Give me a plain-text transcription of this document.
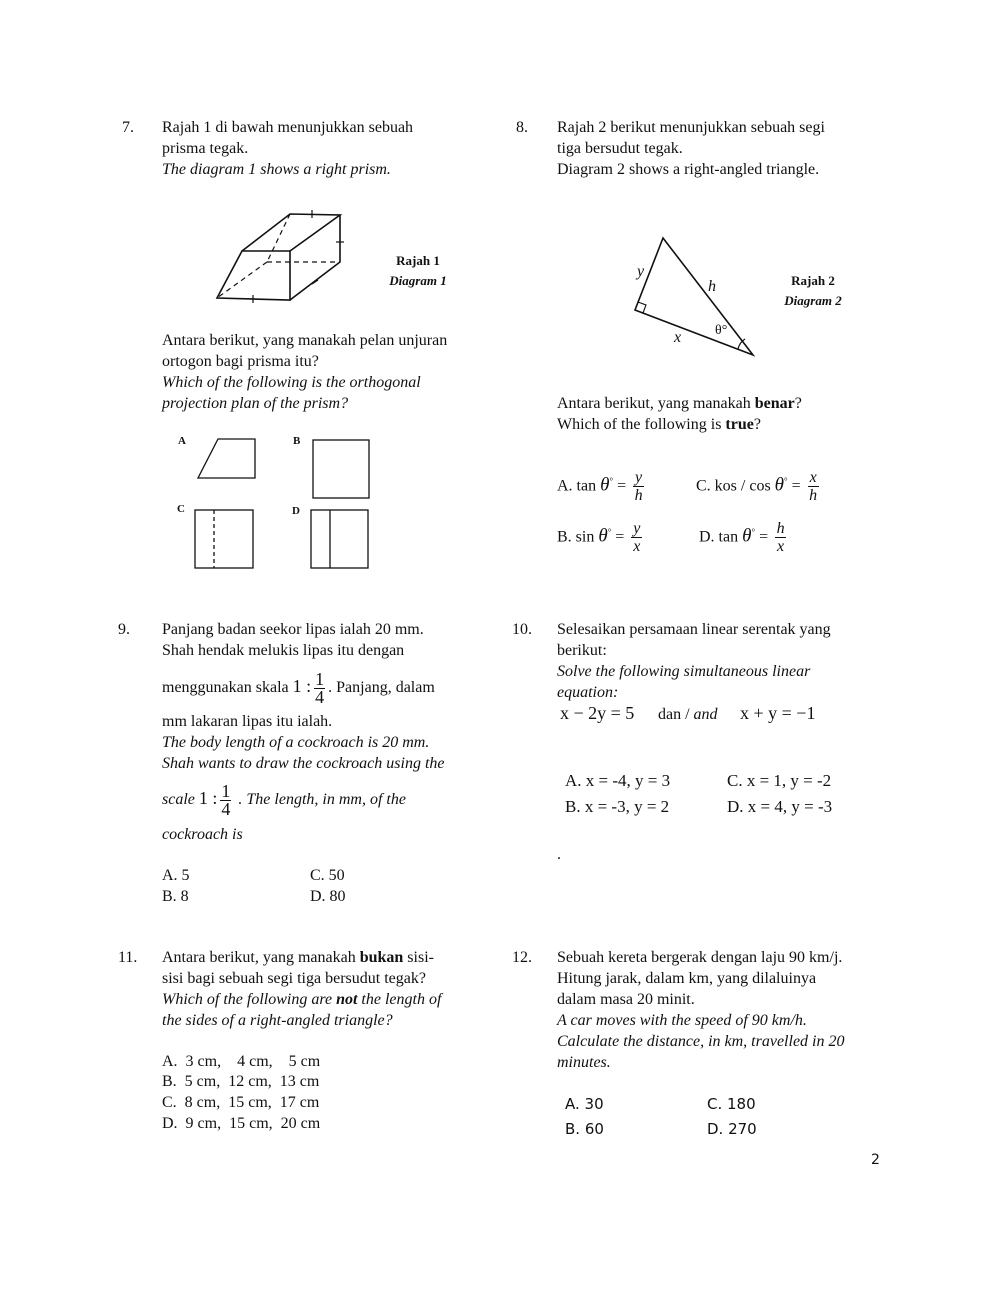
7. Rajah 1 di bawah menunjukkan sebuah
prisma tegak.
The diagram 1 shows a right prism.
Rajah 1
Diagram 1
Antara berikut, yang manakah pelan unjuran
ortogon bagi prisma itu?
Which of the following is the orthogonal
projection plan of the prism?
A	B
C	D
8. Rajah 2 berikut menunjukkan sebuah segi
tiga bersudut tegak.
Diagram 2 shows a right-angled triangle.
y
h
x θ°
Rajah 2
Diagram 2
Antara berikut, yang manakah benar?
Which of the following is true?
A. $\tan \theta^\circ = \frac{y}{h}$
B. $\sin \theta^\circ = \frac{y}{x}$
C. kos / $\cos \theta^\circ = \frac{x}{h}$
D. $\tan \theta^\circ = \frac{h}{x}$
9. Panjang badan seekor lipas ialah 20 mm.
Shah hendak melukis lipas itu dengan
menggunakan skala 1 : $\frac{1}{4}$ . Panjang, dalam
mm lakaran lipas itu ialah.
The body length of a cockroach is 20 mm.
Shah wants to draw the cockroach using the
scale 1 : $\frac{1}{4}$ . The length, in mm, of the
cockroach is
A. 5
B. 8
C. 50
D. 80
10. Selesaikan persamaan linear serentak yang
berikut:
Solve the following simultaneous linear
equation:
x − 2y = 5 dan / and x + y = −1
A. x = -4, y = 3
B. x = -3, y = 2
C. x = 1, y = -2
D. x = 4, y = -3
.
11. Antara berikut, yang manakah bukan sisi-
sisi bagi sebuah segi tiga bersudut tegak?
Which of the following are not the length of
the sides of a right-angled triangle?
A.  3 cm,    4 cm,    5 cm
B.  5 cm,  12 cm,  13 cm
C.  8 cm,  15 cm,  17 cm
D.  9 cm,  15 cm,  20 cm
12. Sebuah kereta bergerak dengan laju 90 km/j.
Hitung jarak, dalam km, yang dilaluinya
dalam masa 20 minit.
A car moves with the speed of 90 km/h.
Calculate the distance, in km, travelled in 20
minutes.
A. 30
B. 60
C. 180
D. 270
2
